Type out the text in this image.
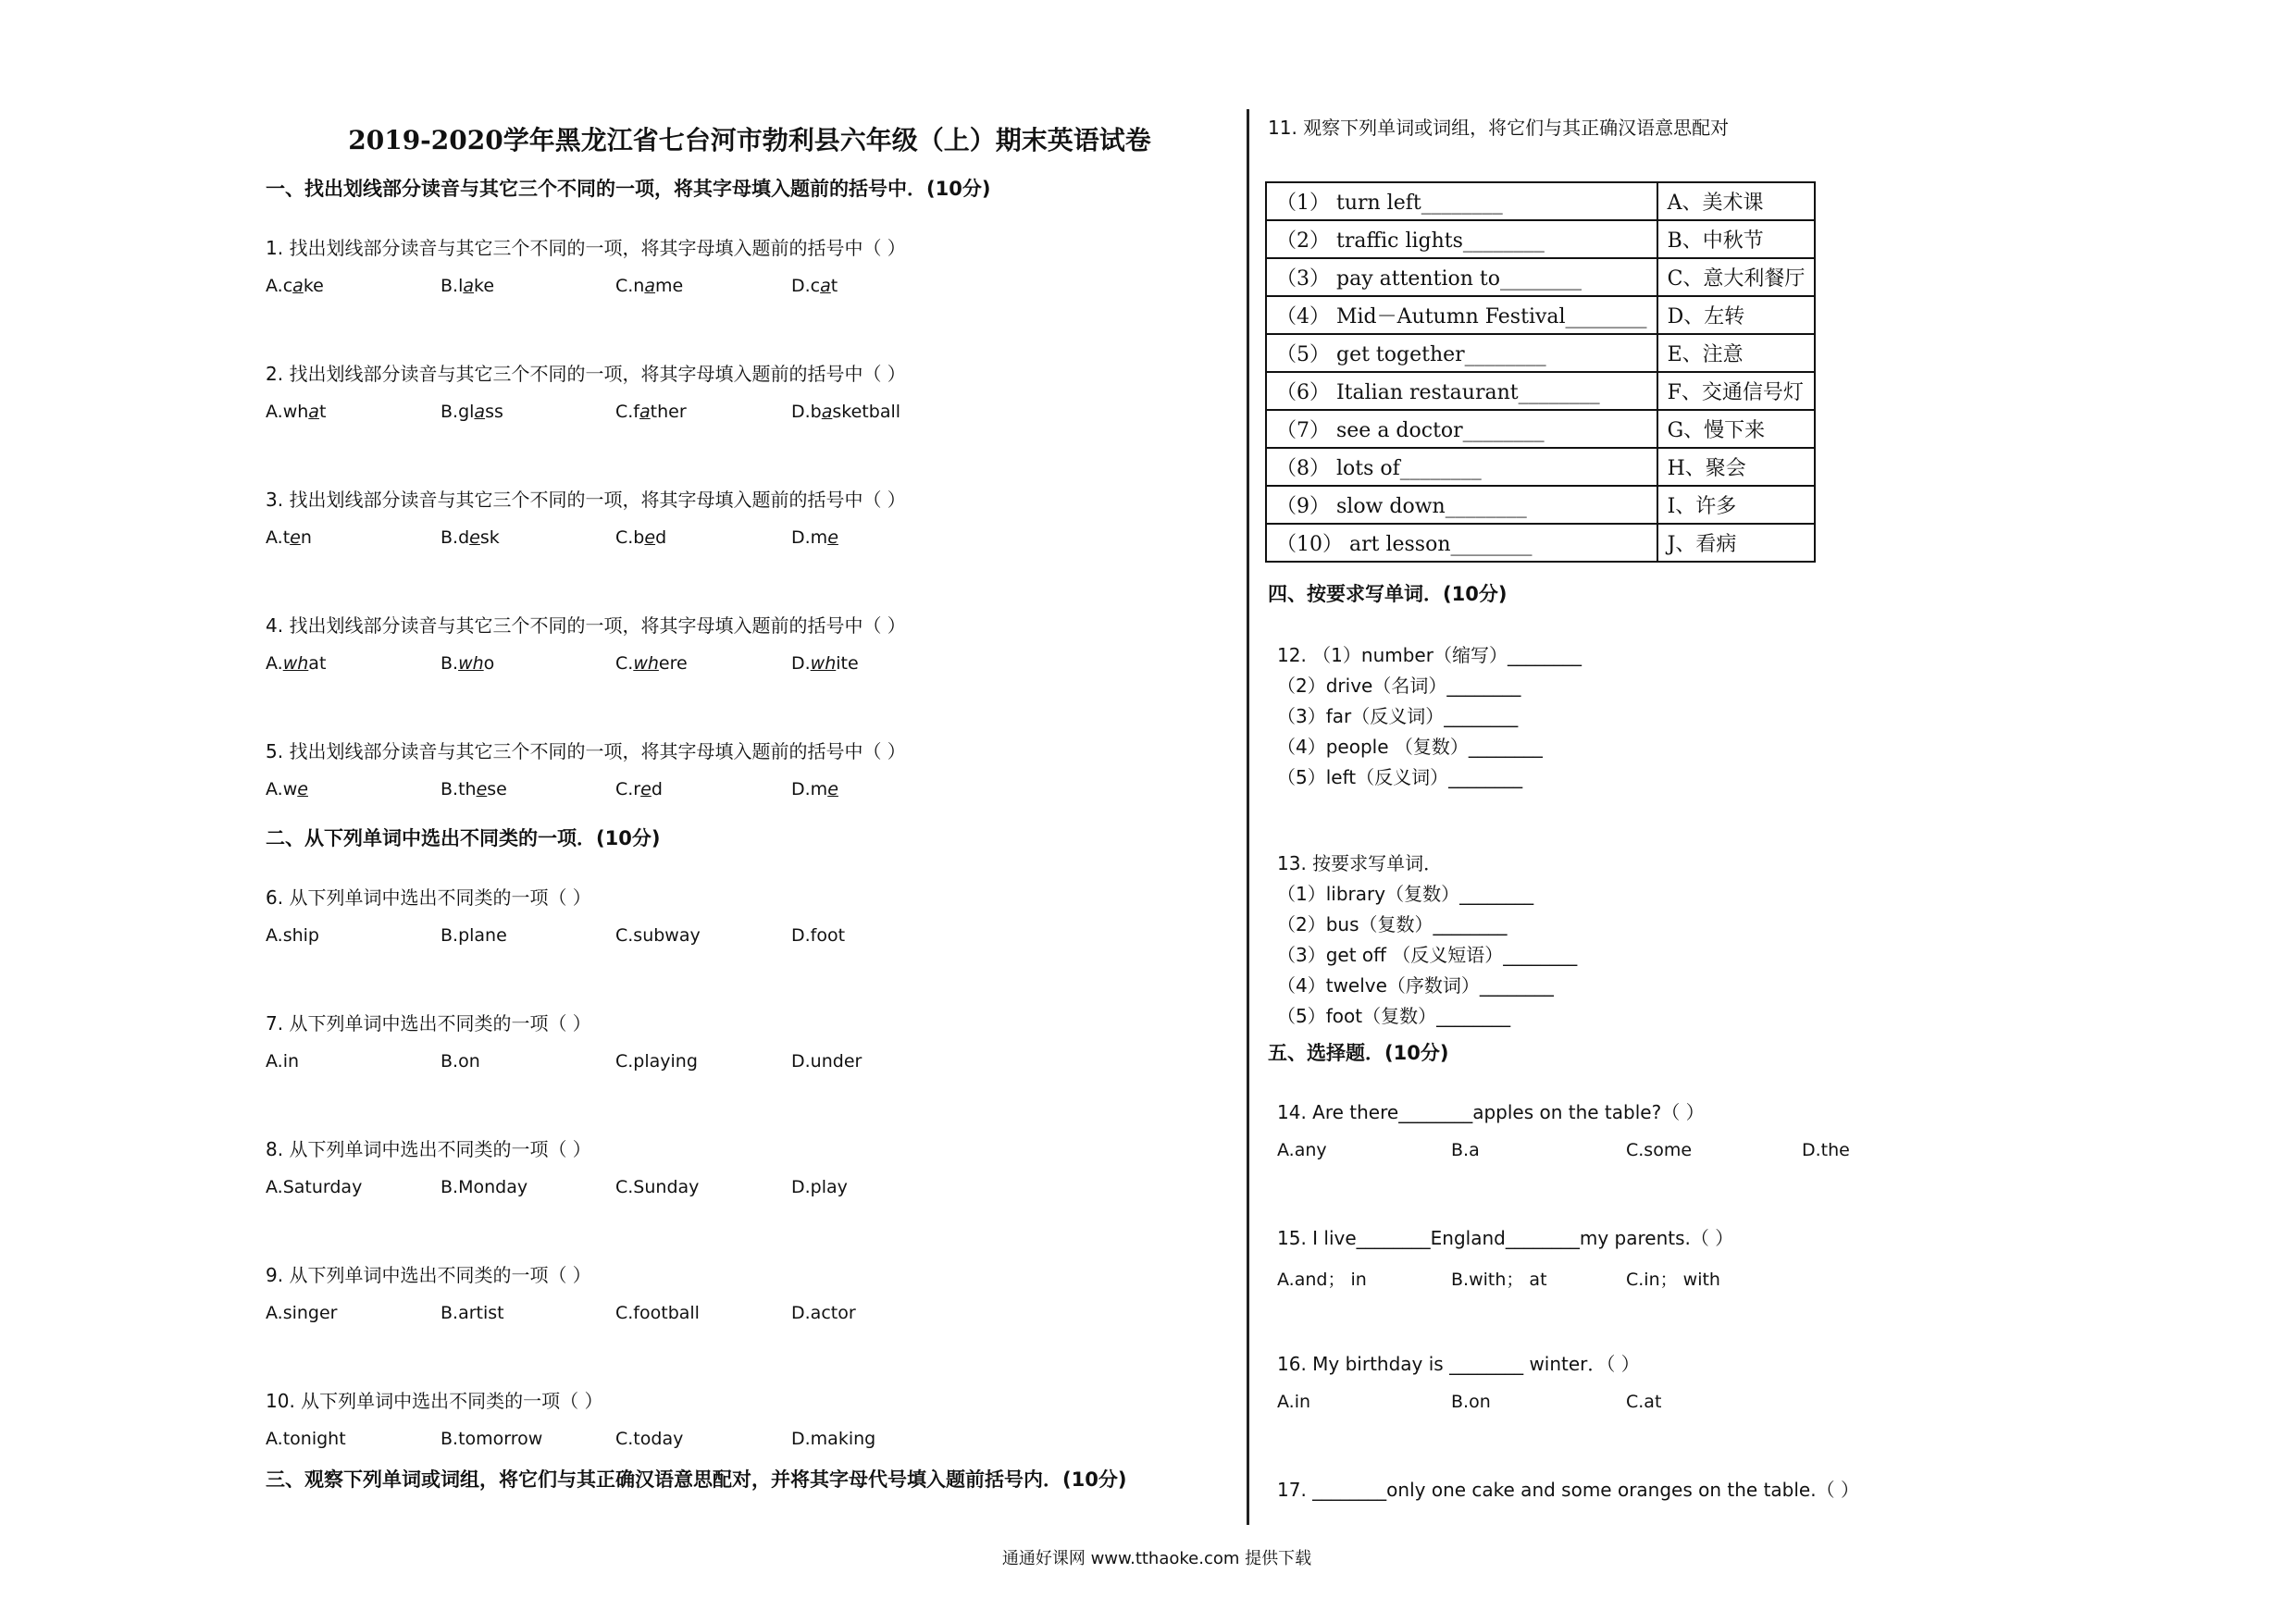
2019-2020学年黑龙江省七台河市勃利县六年级（上）期末英语试卷
一、找出划线部分读音与其它三个不同的一项，将其字母填入题前的括号中．(10分)
1. 找出划线部分读音与其它三个不同的一项，将其字母填入题前的括号中（ ）
A.cake	B.lake	C.name	D.cat
2. 找出划线部分读音与其它三个不同的一项，将其字母填入题前的括号中（ ）
A.what	B.glass	C.father	D.basketball
3. 找出划线部分读音与其它三个不同的一项，将其字母填入题前的括号中（ ）
A.ten	B.desk	C.bed	D.me
4. 找出划线部分读音与其它三个不同的一项，将其字母填入题前的括号中（ ）
A.what	B.who	C.where	D.white
5. 找出划线部分读音与其它三个不同的一项，将其字母填入题前的括号中（ ）
A.we	B.these	C.red	D.me
二、从下列单词中选出不同类的一项．(10分)
6. 从下列单词中选出不同类的一项（ ）
A.ship	B.plane	C.subway	D.foot
7. 从下列单词中选出不同类的一项（ ）
A.in	B.on	C.playing	D.under
8. 从下列单词中选出不同类的一项（ ）
A.Saturday	B.Monday	C.Sunday	D.play
9. 从下列单词中选出不同类的一项（ ）
A.singer	B.artist	C.football	D.actor
10. 从下列单词中选出不同类的一项（ ）
A.tonight	B.tomorrow	C.today	D.making
三、观察下列单词或词组，将它们与其正确汉语意思配对，并将其字母代号填入题前括号内．(10分)
11. 观察下列单词或词组，将它们与其正确汉语意思配对
（1） turn left________	A、美术课
（2） traffic lights________	B、中秋节
（3） pay attention to________	C、意大利餐厅
（4） Mid－Autumn Festival________	D、左转
（5） get together________	E、注意
（6） Italian restaurant________	F、交通信号灯
（7） see a doctor________	G、慢下来
（8） lots of________	H、聚会
（9） slow down________	I、许多
（10） art lesson________	J、看病
四、按要求写单词．(10分)
12. （1）number（缩写）________
（2）drive（名词）________
（3）far（反义词）________
（4）people （复数）________
（5）left（反义词）________
13. 按要求写单词．
（1）library（复数）________
（2）bus（复数）________
（3）get off （反义短语）________
（4）twelve（序数词）________
（5）foot（复数）________
五、选择题．(10分)
14. Are there________apples on the table?（ ）
A.any	B.a	C.some	D.the
15. I live________England________my parents.（ ）
A.and； in	B.with； at	C.in； with
16. My birthday is ________ winter．（ ）
A.in	B.on	C.at
17. ________only one cake and some oranges on the table.（ ）
通通好课网 www.tthaoke.com 提供下载
